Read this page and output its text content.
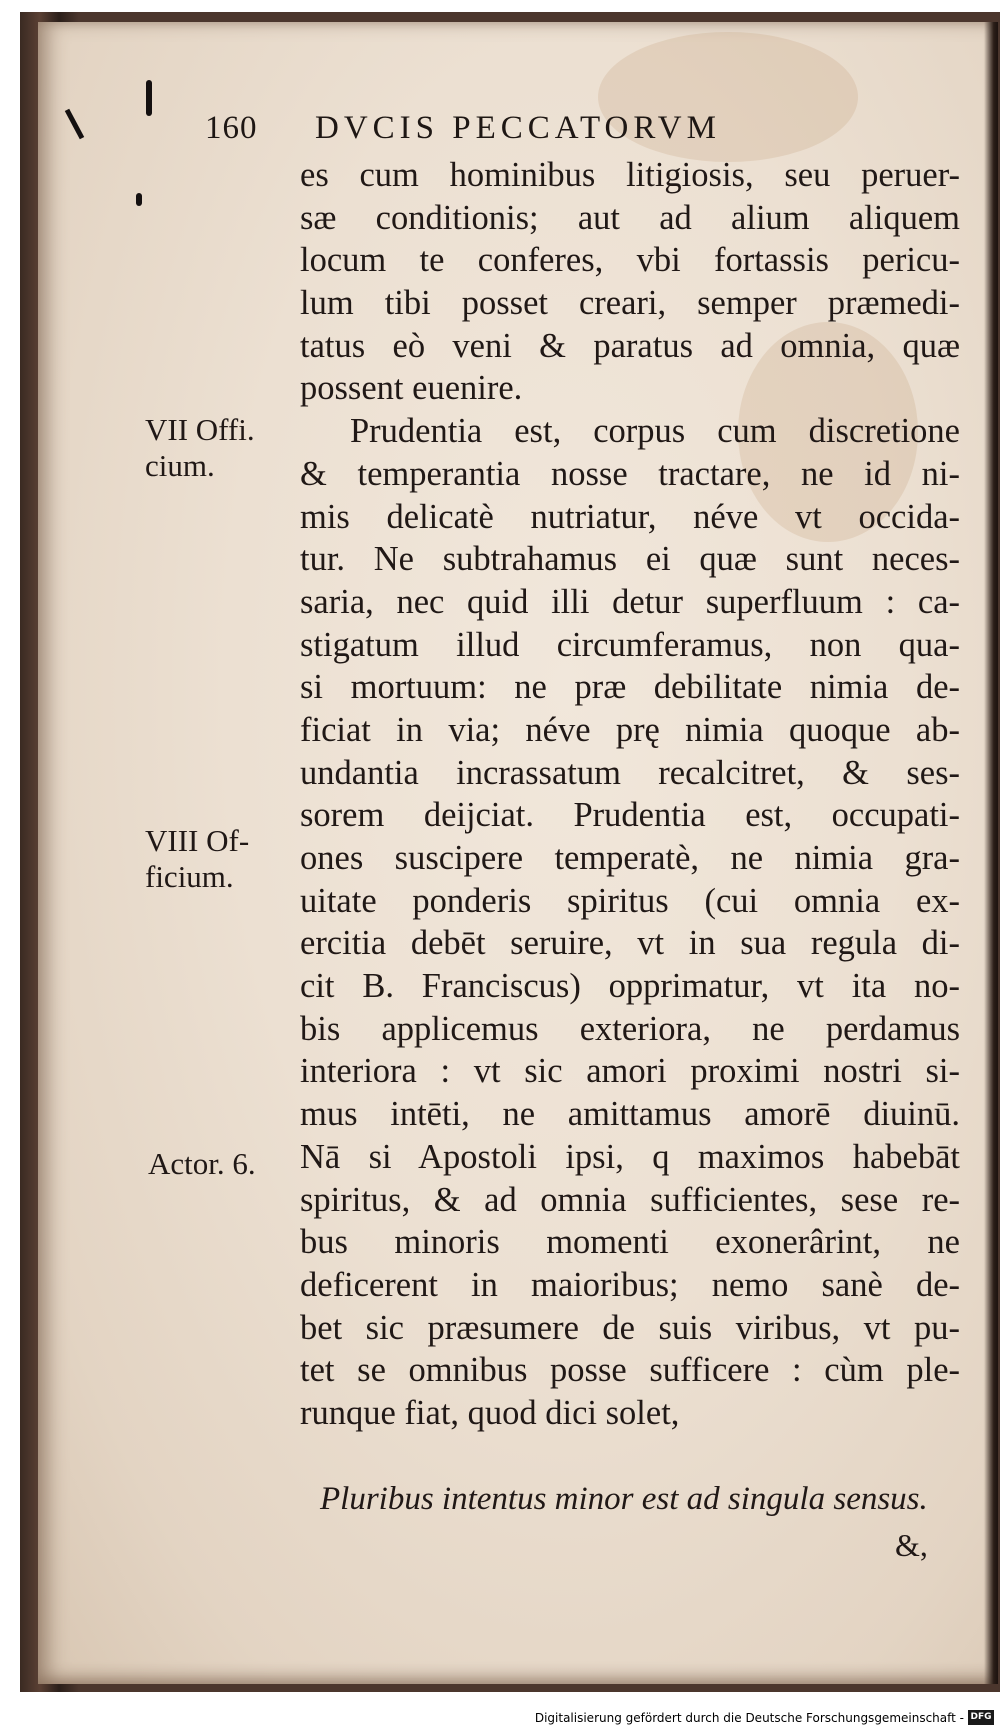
160 DVCIS PECCATORVM
VII Offi.
cium.
VIII Of-
ficium.
Actor. 6.
es cum hominibus litigiosis, seu peruer-
sæ conditionis; aut ad alium aliquem
locum te conferes, vbi fortassis pericu-
lum tibi posset creari, semper præmedi-
tatus eò veni & paratus ad omnia, quæ
possent euenire.
Prudentia est, corpus cum discretione
& temperantia nosse tractare, ne id ni-
mis delicatè nutriatur, néve vt occida-
tur. Ne subtrahamus ei quæ sunt neces-
saria, nec quid illi detur superfluum : ca-
stigatum illud circumferamus, non qua-
si mortuum: ne præ debilitate nimia de-
ficiat in via; néve prę nimia quoque ab-
undantia incrassatum recalcitret, & ses-
sorem deijciat. Prudentia est, occupati-
ones suscipere temperatè, ne nimia gra-
uitate ponderis spiritus (cui omnia ex-
ercitia debēt seruire, vt in sua regula di-
cit B. Franciscus) opprimatur, vt ita no-
bis applicemus exteriora, ne perdamus
interiora : vt sic amori proximi nostri si-
mus intēti, ne amittamus amorē diuinū.
Nā si Apostoli ipsi, q maximos habebāt
spiritus, & ad omnia sufficientes, sese re-
bus minoris momenti exonerârint, ne
deficerent in maioribus; nemo sanè de-
bet sic præsumere de suis viribus, vt pu-
tet se omnibus posse sufficere : cùm ple-
runque fiat, quod dici solet,
Pluribus intentus minor est ad singula sensus.
&,
Digitalisierung gefördert durch die Deutsche Forschungsgemeinschaft - DFG
